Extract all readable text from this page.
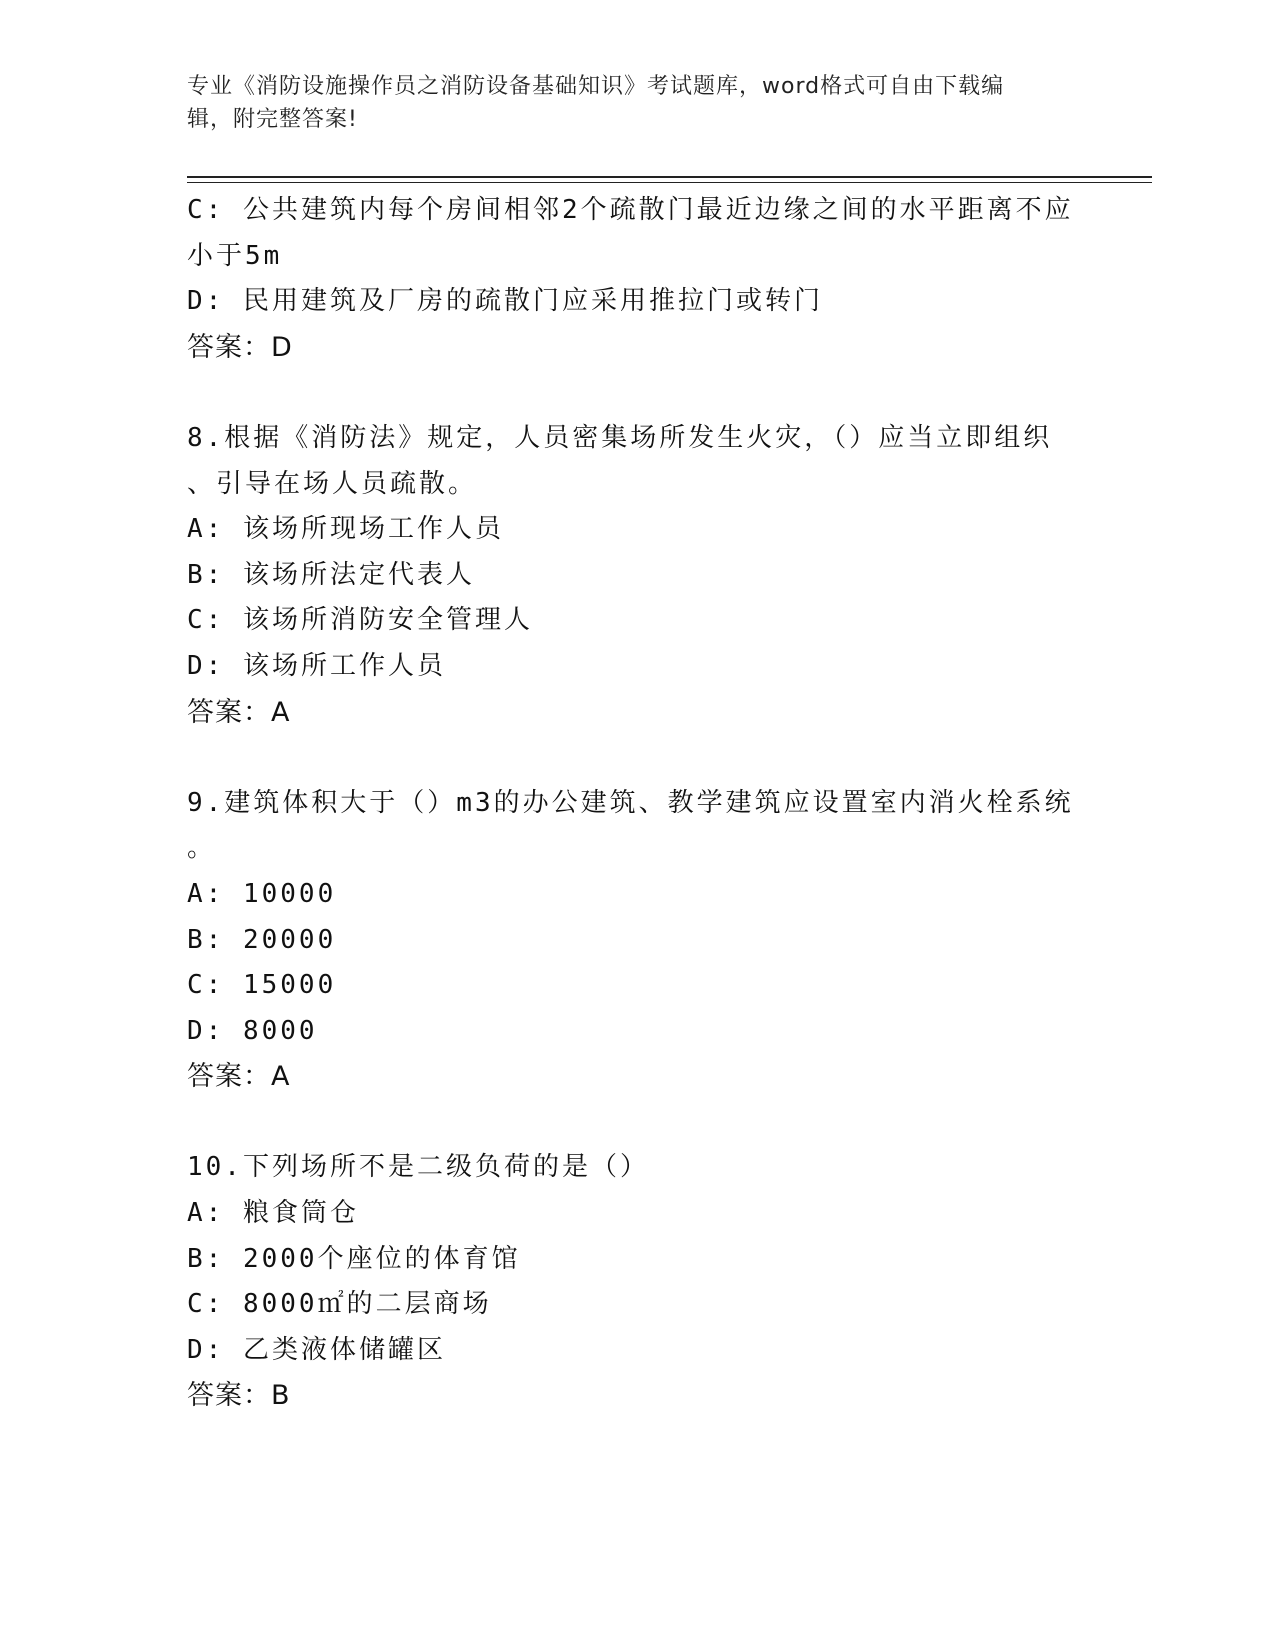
专业《消防设施操作员之消防设备基础知识》考试题库，word格式可自由下载编
辑，附完整答案!
C: 公共建筑内每个房间相邻2个疏散门最近边缘之间的水平距离不应
小于5m
D: 民用建筑及厂房的疏散门应采用推拉门或转门
答案：D
8.根据《消防法》规定，人员密集场所发生火灾，（）应当立即组织
、引导在场人员疏散。
A: 该场所现场工作人员
B: 该场所法定代表人
C: 该场所消防安全管理人
D: 该场所工作人员
答案：A
9.建筑体积大于（）m3的办公建筑、教学建筑应设置室内消火栓系统
。
A: 10000
B: 20000
C: 15000
D: 8000
答案：A
10.下列场所不是二级负荷的是（）
A: 粮食筒仓
B: 2000个座位的体育馆
C: 8000㎡的二层商场
D: 乙类液体储罐区
答案：B
